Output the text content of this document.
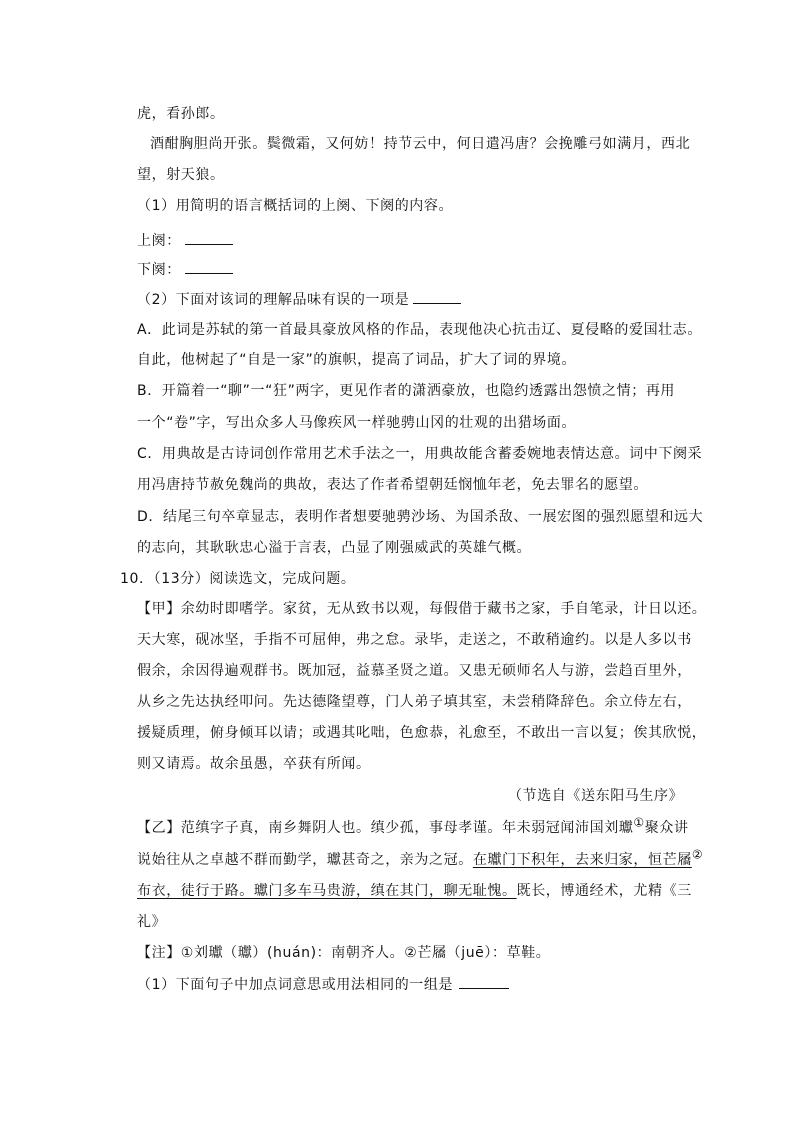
虎，看孙郎。
酒酣胸胆尚开张。鬓微霜，又何妨！持节云中，何日遣冯唐？会挽雕弓如满月，西北
望，射天狼。
（1）用简明的语言概括词的上阕、下阕的内容。
上阕：
下阕：
（2）下面对该词的理解品味有误的一项是
A．此词是苏轼的第一首最具豪放风格的作品，表现他决心抗击辽、夏侵略的爱国壮志。
自此，他树起了“自是一家”的旗帜，提高了词品，扩大了词的界境。
B．开篇着一“聊”一“狂”两字，更见作者的潇洒豪放，也隐约透露出怨愤之情；再用
一个“卷”字，写出众多人马像疾风一样驰骋山冈的壮观的出猎场面。
C．用典故是古诗词创作常用艺术手法之一，用典故能含蓄委婉地表情达意。词中下阕采
用冯唐持节赦免魏尚的典故，表达了作者希望朝廷悯恤年老，免去罪名的愿望。
D．结尾三句卒章显志，表明作者想要驰骋沙场、为国杀敌、一展宏图的强烈愿望和远大
的志向，其耿耿忠心溢于言表，凸显了刚强威武的英雄气概。
10．（13分）阅读选文，完成问题。
【甲】余幼时即嗜学。家贫，无从致书以观，每假借于藏书之家，手自笔录，计日以还。
天大寒，砚冰坚，手指不可屈伸，弗之怠。录毕，走送之，不敢稍逾约。以是人多以书
假余，余因得遍观群书。既加冠，益慕圣贤之道。又患无硕师名人与游，尝趋百里外，
从乡之先达执经叩问。先达德隆望尊，门人弟子填其室，未尝稍降辞色。余立侍左右，
援疑质理，俯身倾耳以请；或遇其叱咄，色愈恭，礼愈至，不敢出一言以复；俟其欣悦，
则又请焉。故余虽愚，卒获有所闻。
（节选自《送东阳马生序》
【乙】范缜字子真，南乡舞阴人也。缜少孤，事母孝谨。年未弱冠闻沛国刘瓛①聚众讲
说始往从之卓越不群而勤学，瓛甚奇之，亲为之冠。在瓛门下积年，去来归家，恒芒屩②
布衣，徒行于路。瓛门多车马贵游，缜在其门，聊无耻愧。既长，博通经术，尤精《三
礼》
【注】①刘瓛（瓛）(huán)：南朝齐人。②芒屩（juē）：草鞋。
（1）下面句子中加点词意思或用法相同的一组是
